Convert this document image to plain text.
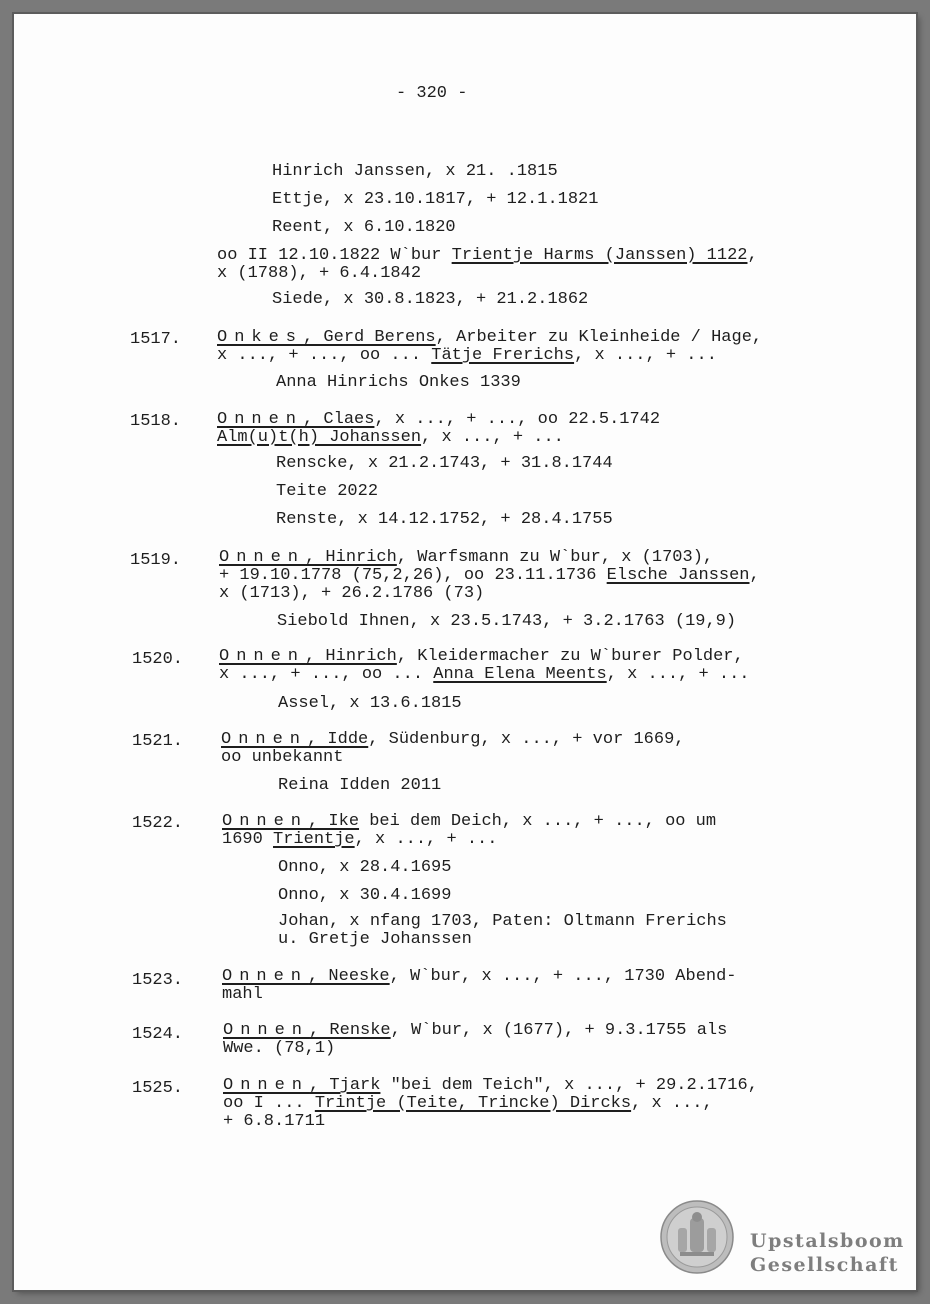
- 320 -
Hinrich Janssen, x 21. .1815
Ettje, x 23.10.1817, + 12.1.1821
Reent, x 6.10.1820
oo II 12.10.1822 W`bur Trientje Harms (Janssen) 1122,
x (1788), + 6.4.1842
Siede, x 30.8.1823, + 21.2.1862
1517. Onkes, Gerd Berens, Arbeiter zu Kleinheide / Hage,
x ..., + ..., oo ... Tätje Frerichs, x ..., + ...
Anna Hinrichs Onkes 1339
1518. Onnen, Claes, x ..., + ..., oo 22.5.1742
Alm(u)t(h) Johanssen, x ..., + ...
Renscke, x 21.2.1743, + 31.8.1744
Teite 2022
Renste, x 14.12.1752, + 28.4.1755
1519. Onnen, Hinrich, Warfsmann zu W`bur, x (1703),
+ 19.10.1778 (75,2,26), oo 23.11.1736 Elsche Janssen,
x (1713), + 26.2.1786 (73)
Siebold Ihnen, x 23.5.1743, + 3.2.1763 (19,9)
1520. Onnen, Hinrich, Kleidermacher zu W`burer Polder,
x ..., + ..., oo ... Anna Elena Meents, x ..., + ...
Assel, x 13.6.1815
1521. Onnen, Idde, Südenburg, x ..., + vor 1669,
oo unbekannt
Reina Idden 2011
1522. Onnen, Ike bei dem Deich, x ..., + ..., oo um
1690 Trientje, x ..., + ...
Onno, x 28.4.1695
Onno, x 30.4.1699
Johan, x nfang 1703, Paten: Oltmann Frerichs
u. Gretje Johanssen
1523. Onnen, Neeske, W`bur, x ..., + ..., 1730 Abend-
mahl
1524. Onnen, Renske, W`bur, x (1677), + 9.3.1755 als
Wwe. (78,1)
1525. Onnen, Tjark "bei dem Teich", x ..., + 29.2.1716,
oo I ... Trintje (Teite, Trincke) Dircks, x ...,
+ 6.8.1711
Upstalsboom
Gesellschaft
